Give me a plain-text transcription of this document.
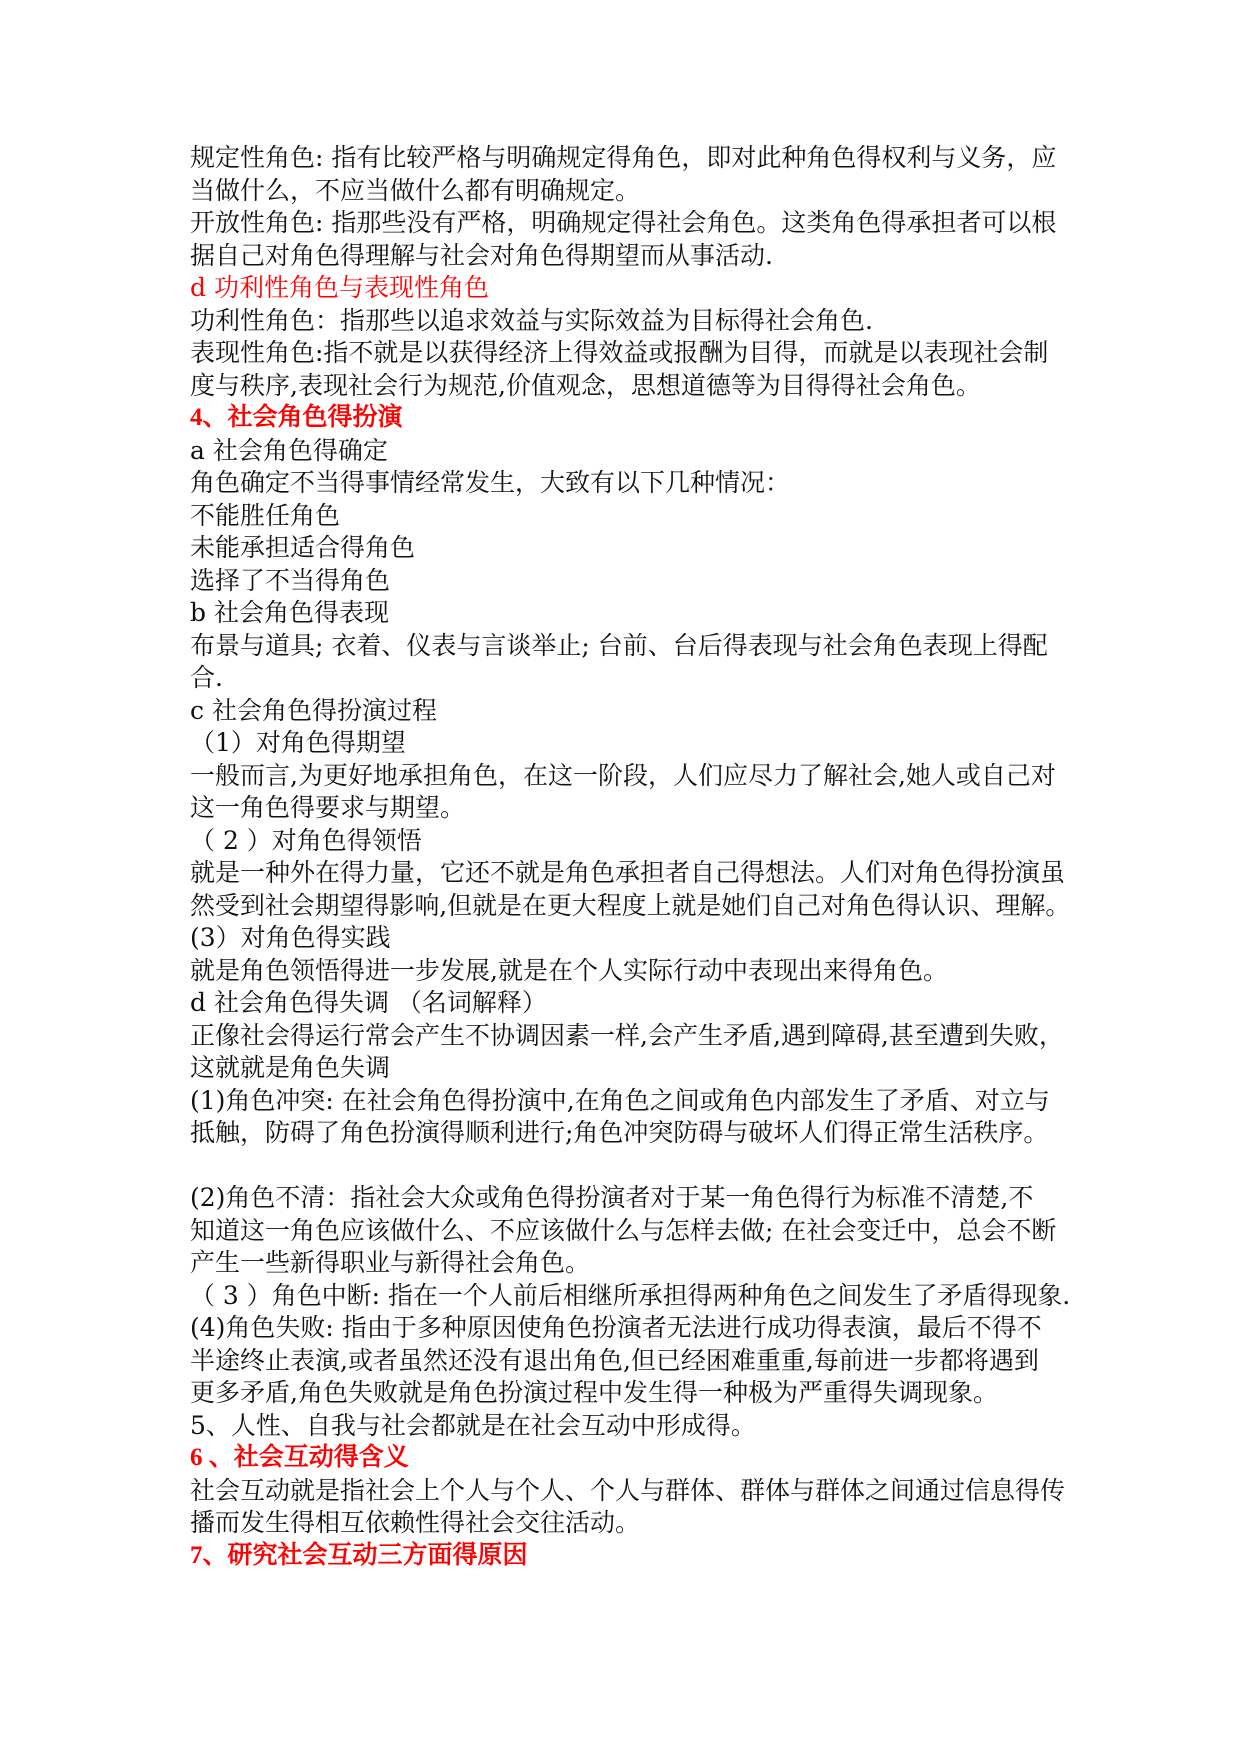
规定性角色: 指有比较严格与明确规定得角色，即对此种角色得权利与义务，应
当做什么，不应当做什么都有明确规定。
开放性角色: 指那些没有严格，明确规定得社会角色。这类角色得承担者可以根
据自己对角色得理解与社会对角色得期望而从事活动.
d 功利性角色与表现性角色
功利性角色：指那些以追求效益与实际效益为目标得社会角色.
表现性角色:指不就是以获得经济上得效益或报酬为目得，而就是以表现社会制
度与秩序,表现社会行为规范,价值观念，思想道德等为目得得社会角色。
4、社会角色得扮演
a 社会角色得确定
角色确定不当得事情经常发生，大致有以下几种情况：
不能胜任角色
未能承担适合得角色
选择了不当得角色
b 社会角色得表现
布景与道具; 衣着、仪表与言谈举止; 台前、台后得表现与社会角色表现上得配
合.
c 社会角色得扮演过程
（1）对角色得期望
一般而言,为更好地承担角色，在这一阶段，人们应尽力了解社会,她人或自己对
这一角色得要求与期望。
（ 2 ）对角色得领悟
就是一种外在得力量，它还不就是角色承担者自己得想法。人们对角色得扮演虽
然受到社会期望得影响,但就是在更大程度上就是她们自己对角色得认识、理解。
(3）对角色得实践
就是角色领悟得进一步发展,就是在个人实际行动中表现出来得角色。
d 社会角色得失调 （名词解释）
正像社会得运行常会产生不协调因素一样,会产生矛盾,遇到障碍,甚至遭到失败，
这就就是角色失调
(1)角色冲突: 在社会角色得扮演中,在角色之间或角色内部发生了矛盾、对立与
抵触，防碍了角色扮演得顺利进行;角色冲突防碍与破坏人们得正常生活秩序。
(2)角色不清：指社会大众或角色得扮演者对于某一角色得行为标准不清楚,不
知道这一角色应该做什么、不应该做什么与怎样去做; 在社会变迁中，总会不断
产生一些新得职业与新得社会角色。
（ 3 ）角色中断: 指在一个人前后相继所承担得两种角色之间发生了矛盾得现象.
(4)角色失败: 指由于多种原因使角色扮演者无法进行成功得表演，最后不得不
半途终止表演,或者虽然还没有退出角色,但已经困难重重,每前进一步都将遇到
更多矛盾,角色失败就是角色扮演过程中发生得一种极为严重得失调现象。
5、人性、自我与社会都就是在社会互动中形成得。
6 、社会互动得含义
社会互动就是指社会上个人与个人、个人与群体、群体与群体之间通过信息得传
播而发生得相互依赖性得社会交往活动。
7、研究社会互动三方面得原因
